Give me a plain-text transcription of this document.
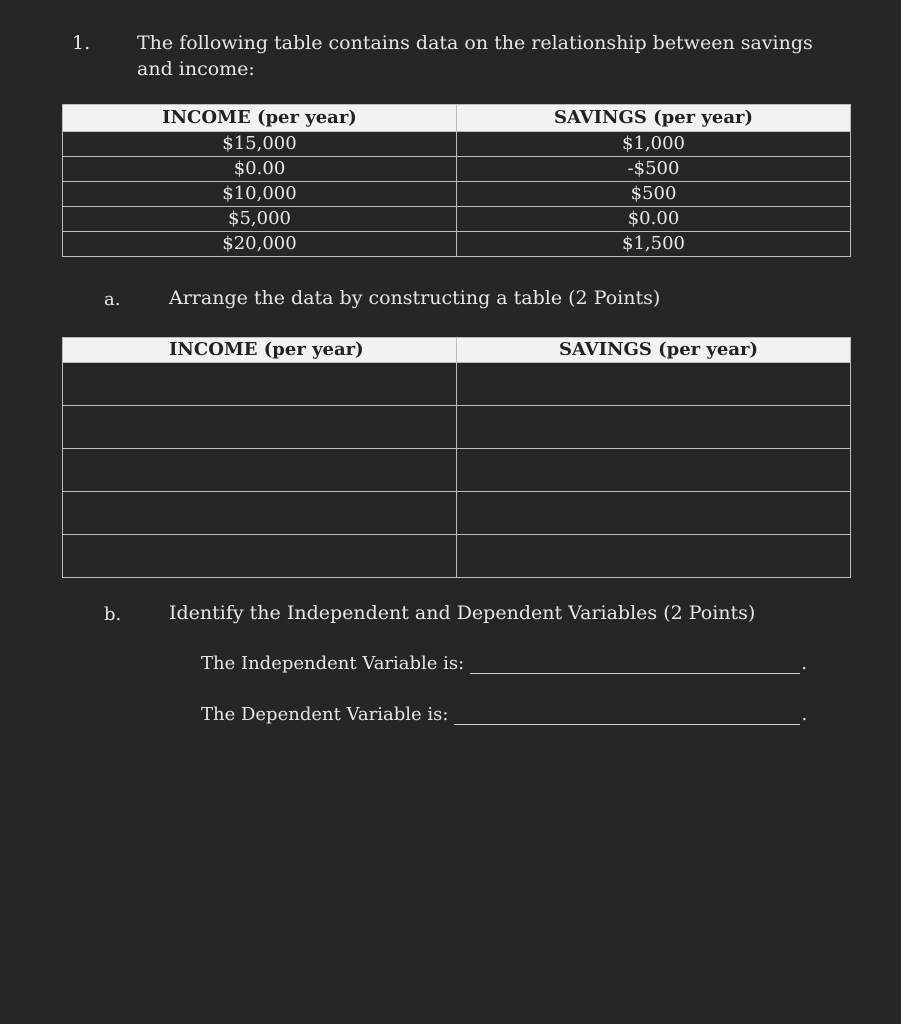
1. The following table contains data on the relationship between savings and income:
INCOME (per year)	SAVINGS (per year)
$15,000	$1,000
$0.00	-$500
$10,000	$500
$5,000	$0.00
$20,000	$1,500
a.	Arrange the data by constructing a table (2 Points)
INCOME (per year)	SAVINGS (per year)

b.	Identify the Independent and Dependent Variables (2 Points)
The Independent Variable is:	.
The Dependent Variable is:	.
